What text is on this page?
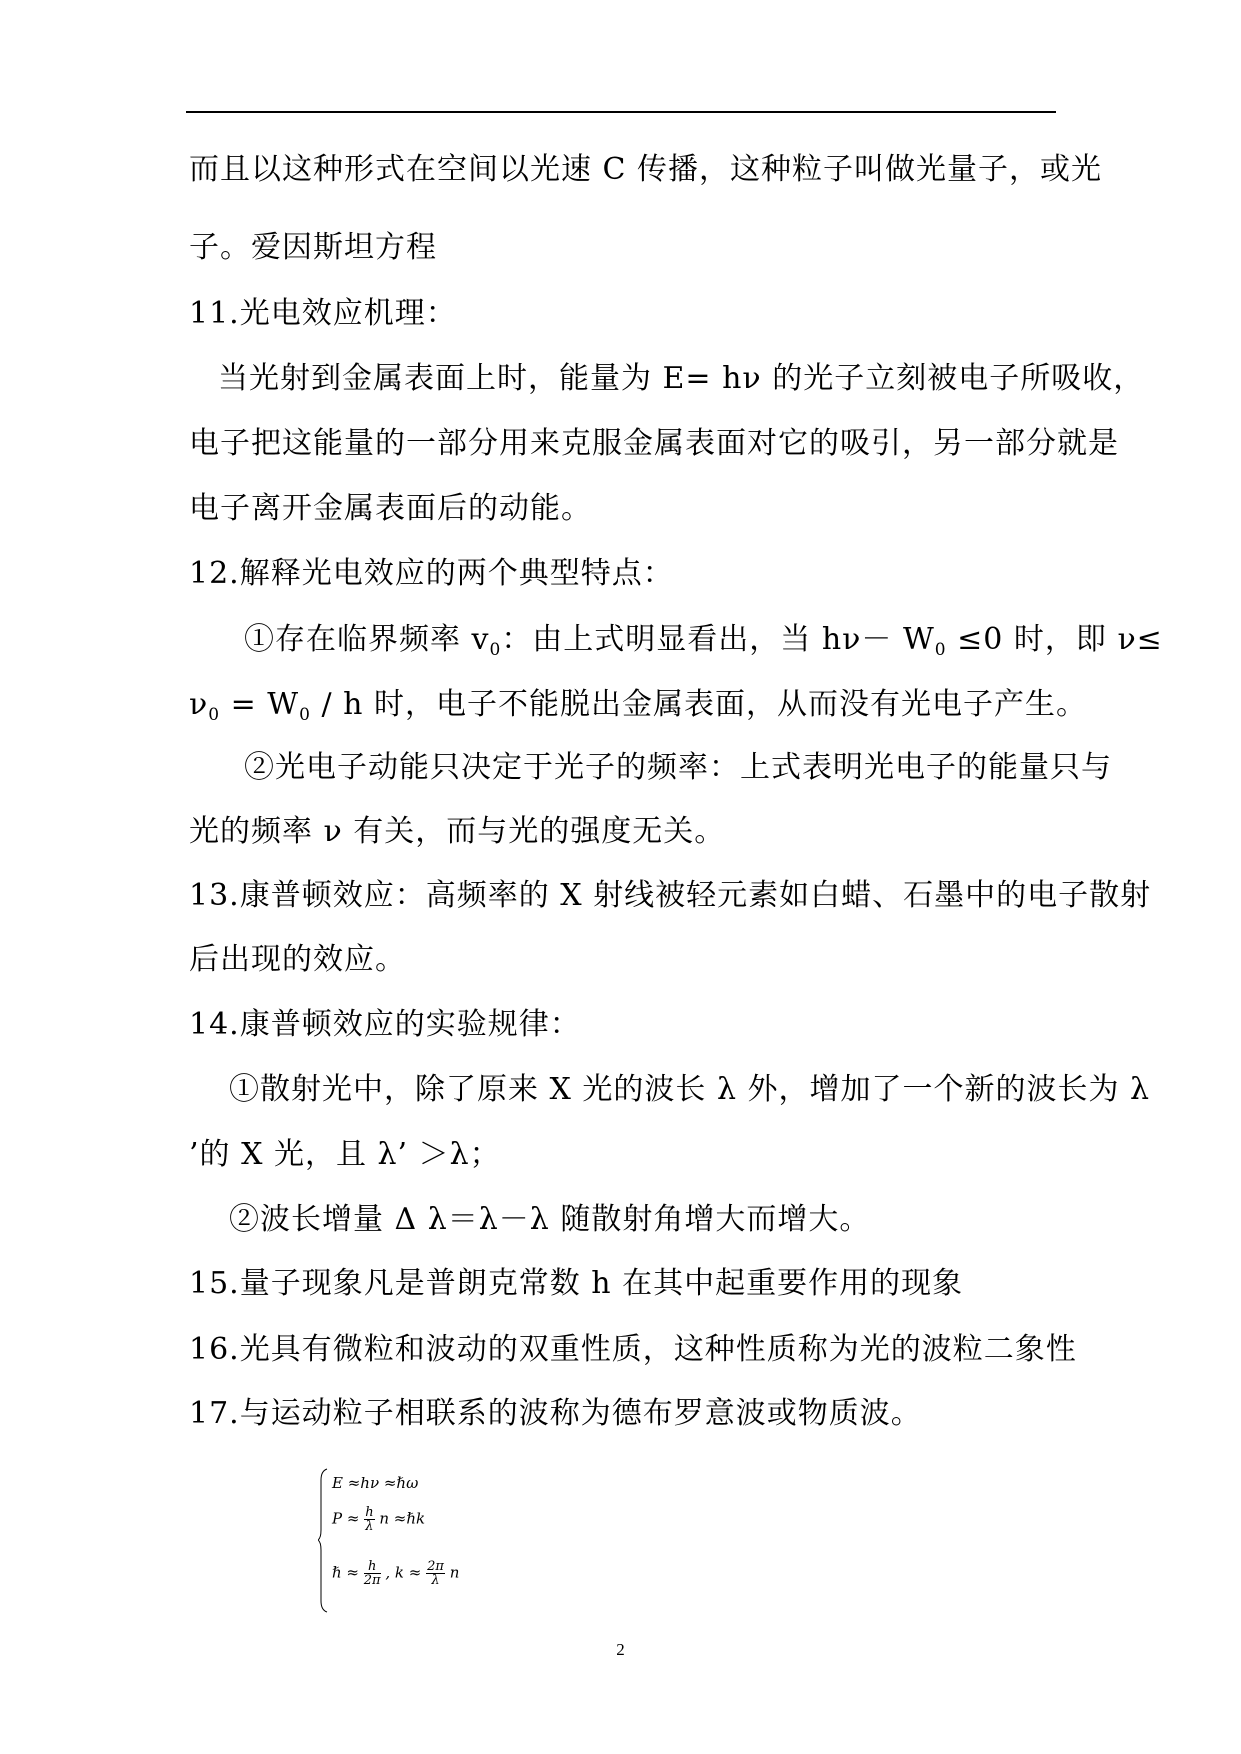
而且以这种形式在空间以光速 C 传播，这种粒子叫做光量子，或光
子。爱因斯坦方程
11.光电效应机理：
当光射到金属表面上时，能量为 E= hν 的光子立刻被电子所吸收，
电子把这能量的一部分用来克服金属表面对它的吸引，另一部分就是
电子离开金属表面后的动能。
12.解释光电效应的两个典型特点：
①存在临界频率 $v_0$：由上式明显看出，当 $h\nu- W_0 \le 0$ 时，即 ν≤
$\nu_0 = W_0 / h$ 时，电子不能脱出金属表面，从而没有光电子产生。
②光电子动能只决定于光子的频率：上式表明光电子的能量只与
光的频率 ν 有关，而与光的强度无关。
13.康普顿效应：高频率的 X 射线被轻元素如白蜡、石墨中的电子散射
后出现的效应。
14.康普顿效应的实验规律：
①散射光中，除了原来 X 光的波长 λ 外，增加了一个新的波长为 λ
’的 X 光，且 λ’ ＞λ；
②波长增量 Δ λ＝λ－λ 随散射角增大而增大。
15.量子现象凡是普朗克常数 h 在其中起重要作用的现象
16.光具有微粒和波动的双重性质，这种性质称为光的波粒二象性
17.与运动粒子相联系的波称为德布罗意波或物质波。
E ≈hν ≈ℏω
$P \approx \frac{h}{\lambda}$ n ≈ℏk
ℏ ≈ $\frac{h}{2\pi}$ , $k \approx \frac{2\pi}{\lambda}$ n
2
